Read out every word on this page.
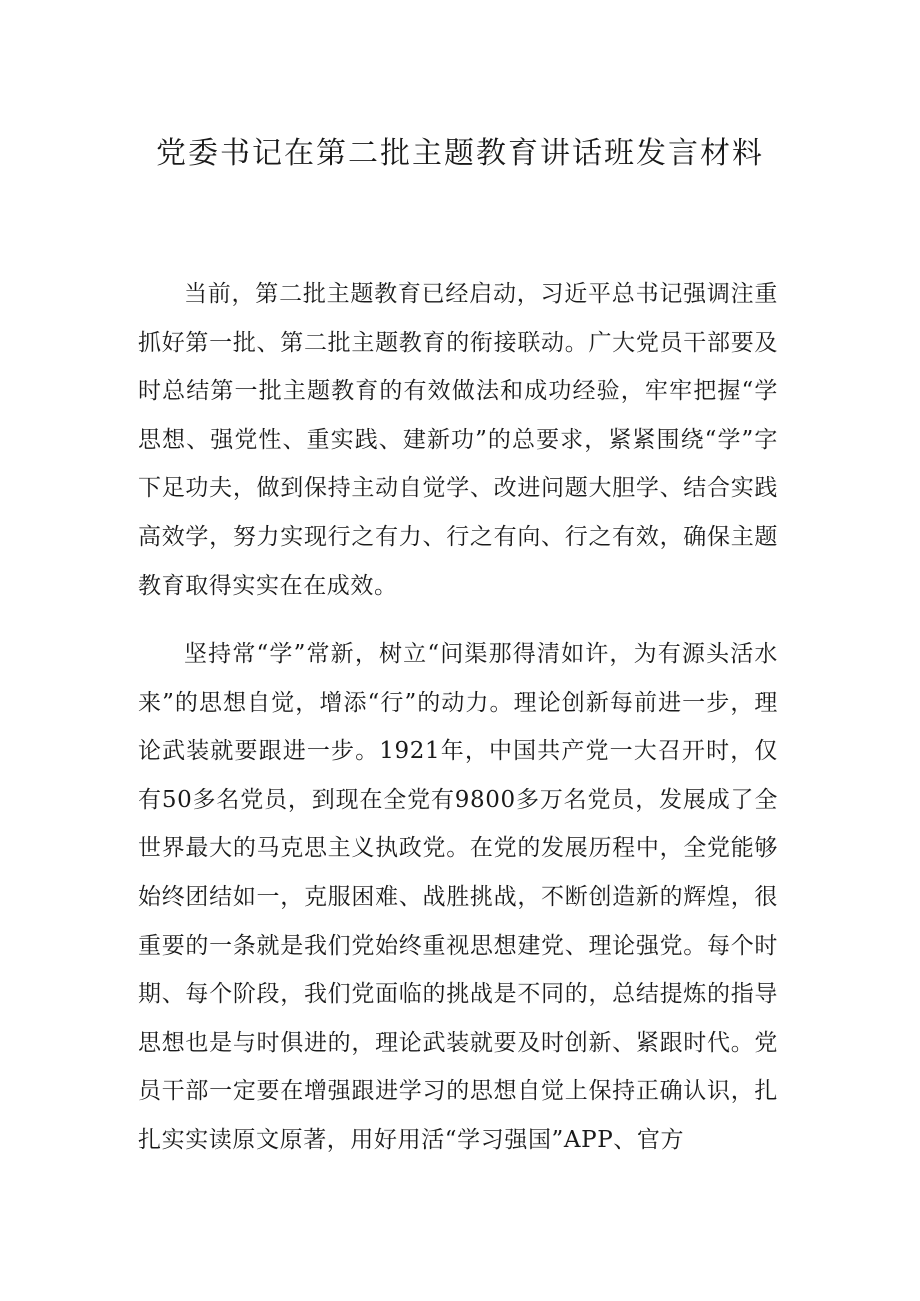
党委书记在第二批主题教育讲话班发言材料

当前，第二批主题教育已经启动，习近平总书记强调注重抓好第一批、第二批主题教育的衔接联动。广大党员干部要及时总结第一批主题教育的有效做法和成功经验，牢牢把握“学思想、强党性、重实践、建新功”的总要求，紧紧围绕“学”字下足功夫，做到保持主动自觉学、改进问题大胆学、结合实践高效学，努力实现行之有力、行之有向、行之有效，确保主题教育取得实实在在成效。

坚持常“学”常新，树立“问渠那得清如许，为有源头活水来”的思想自觉，增添“行”的动力。理论创新每前进一步，理论武装就要跟进一步。1921年，中国共产党一大召开时，仅有50多名党员，到现在全党有9800多万名党员，发展成了全世界最大的马克思主义执政党。在党的发展历程中，全党能够始终团结如一，克服困难、战胜挑战，不断创造新的辉煌，很重要的一条就是我们党始终重视思想建党、理论强党。每个时期、每个阶段，我们党面临的挑战是不同的，总结提炼的指导思想也是与时俱进的，理论武装就要及时创新、紧跟时代。党员干部一定要在增强跟进学习的思想自觉上保持正确认识，扎扎实实读原文原著，用好用活“学习强国”APP、官方
